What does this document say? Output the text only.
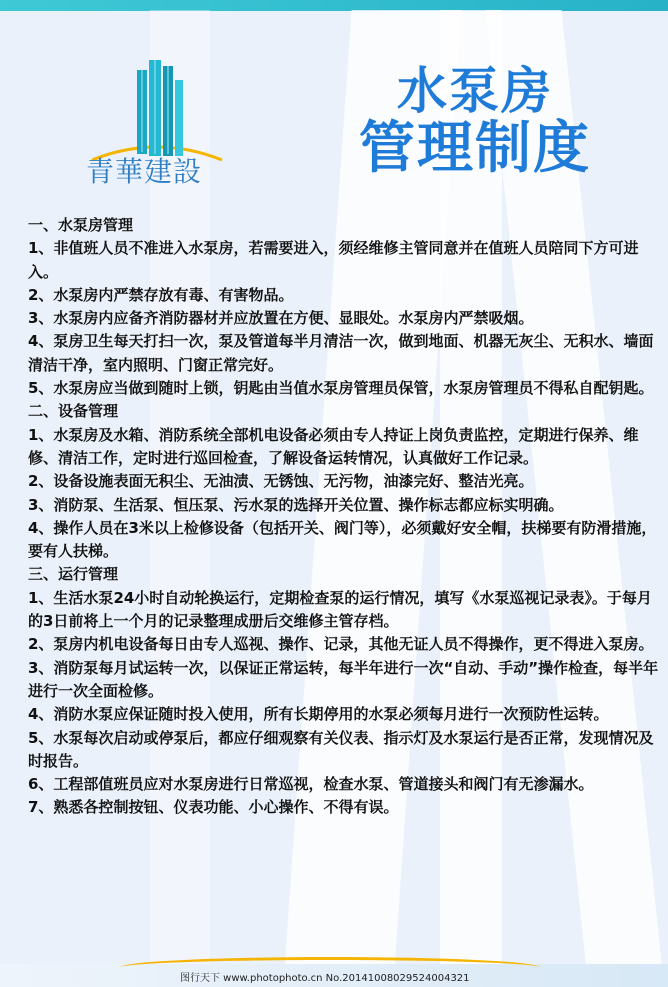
青華建設
水泵房
管理制度

一、水泵房管理

1、非值班人员不准进入水泵房，若需要进入，须经维修主管同意并在值班人员陪同下方可进入。

2、水泵房内严禁存放有毒、有害物品。

3、水泵房内应备齐消防器材并应放置在方便、显眼处。水泵房内严禁吸烟。

4、泵房卫生每天打扫一次，泵及管道每半月清洁一次，做到地面、机器无灰尘、无积水、墙面清洁干净，室内照明、门窗正常完好。

5、水泵房应当做到随时上锁，钥匙由当值水泵房管理员保管，水泵房管理员不得私自配钥匙。

二、设备管理

1、水泵房及水箱、消防系统全部机电设备必须由专人持证上岗负责监控，定期进行保养、维修、清洁工作，定时进行巡回检查，了解设备运转情况，认真做好工作记录。

2、设备设施表面无积尘、无油渍、无锈蚀、无污物，油漆完好、整洁光亮。

3、消防泵、生活泵、恒压泵、污水泵的选择开关位置、操作标志都应标实明确。

4、操作人员在3米以上检修设备（包括开关、阀门等），必须戴好安全帽，扶梯要有防滑措施，要有人扶梯。

三、运行管理

1、生活水泵24小时自动轮换运行，定期检查泵的运行情况，填写《水泵巡视记录表》。于每月的3日前将上一个月的记录整理成册后交维修主管存档。

2、泵房内机电设备每日由专人巡视、操作、记录，其他无证人员不得操作，更不得进入泵房。

3、消防泵每月试运转一次，以保证正常运转，每半年进行一次“自动、手动”操作检查，每半年进行一次全面检修。

4、消防水泵应保证随时投入使用，所有长期停用的水泵必须每月进行一次预防性运转。

5、水泵每次启动或停泵后，都应仔细观察有关仪表、指示灯及水泵运行是否正常，发现情况及时报告。

6、工程部值班员应对水泵房进行日常巡视，检查水泵、管道接头和阀门有无渗漏水。

7、熟悉各控制按钮、仪表功能、小心操作、不得有误。

图行天下 www.photophoto.cn No.20141008029524004321
